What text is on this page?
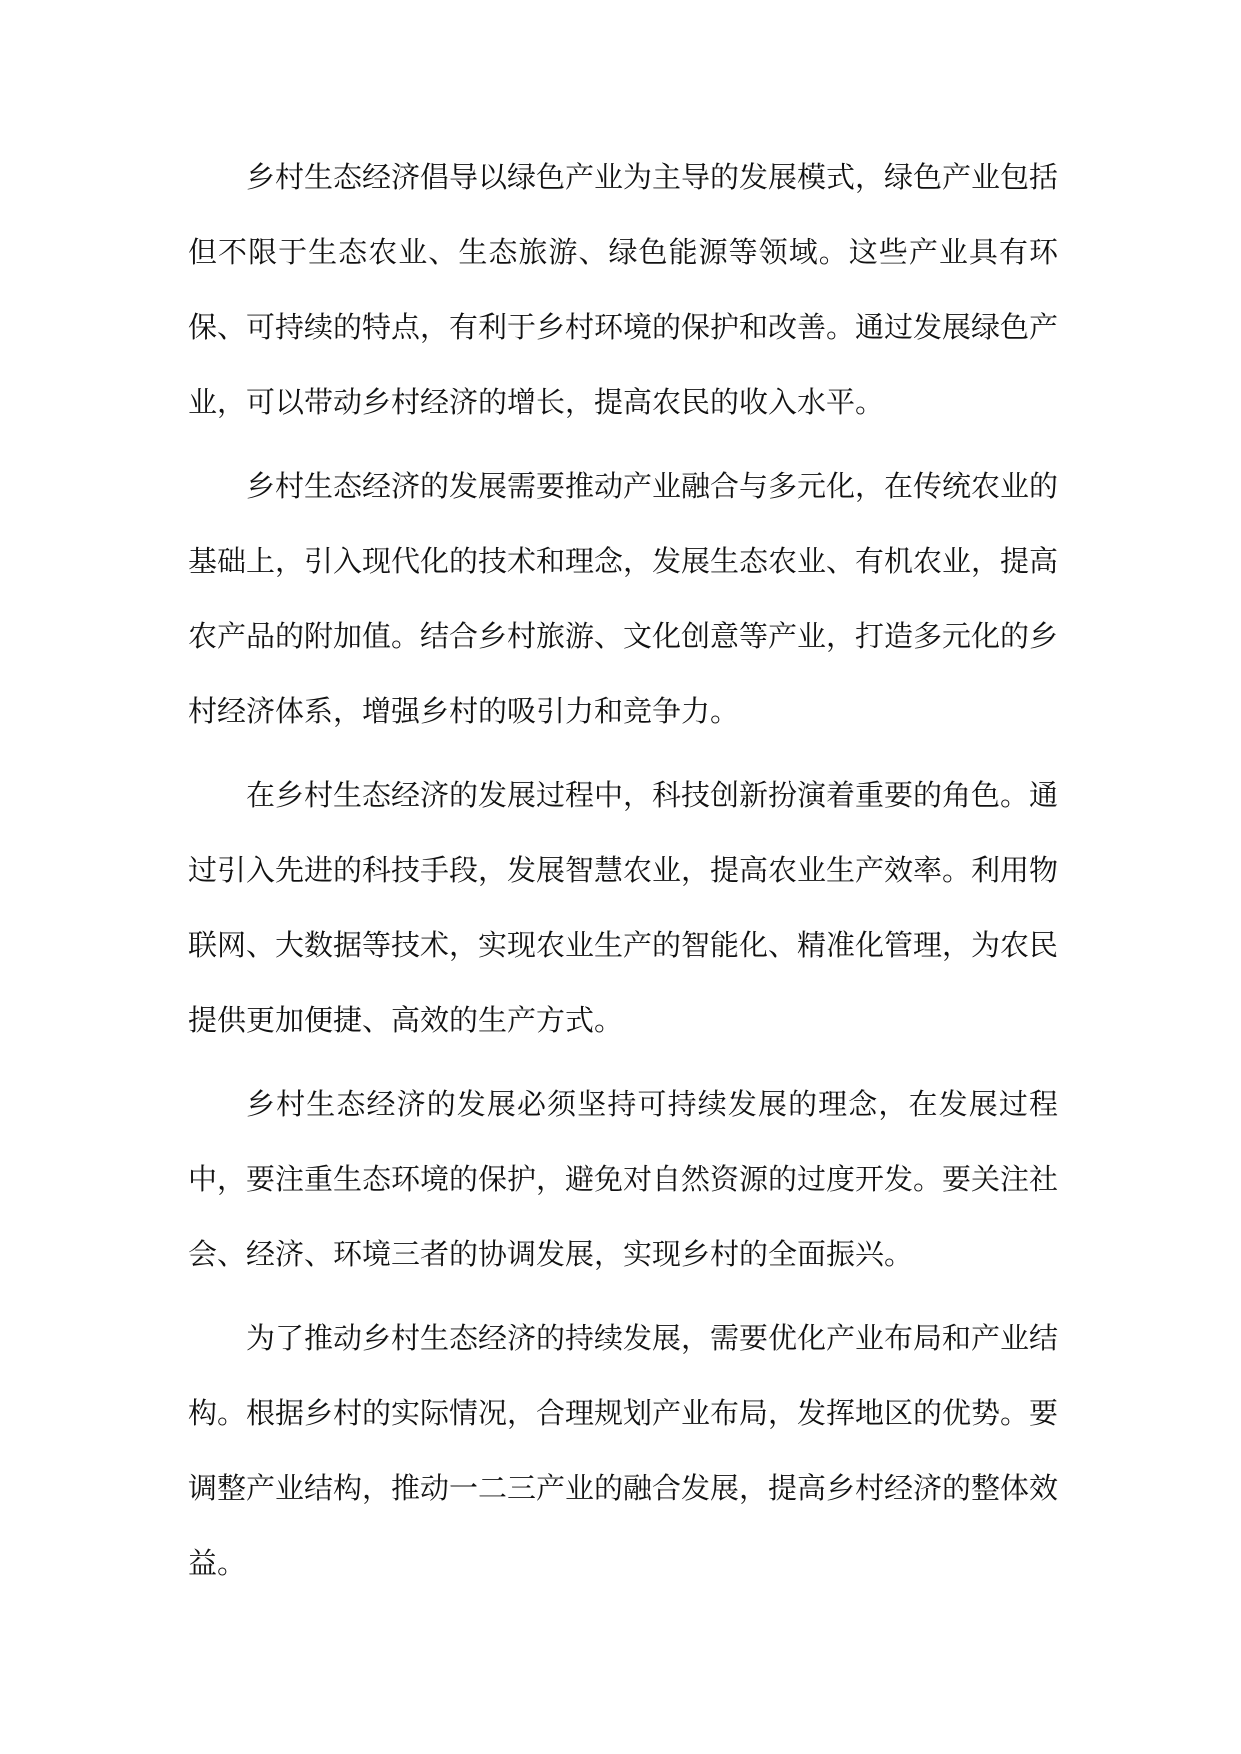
乡村生态经济倡导以绿色产业为主导的发展模式，绿色产业包括但不限于生态农业、生态旅游、绿色能源等领域。这些产业具有环保、可持续的特点，有利于乡村环境的保护和改善。通过发展绿色产业，可以带动乡村经济的增长，提高农民的收入水平。

乡村生态经济的发展需要推动产业融合与多元化，在传统农业的基础上，引入现代化的技术和理念，发展生态农业、有机农业，提高农产品的附加值。结合乡村旅游、文化创意等产业，打造多元化的乡村经济体系，增强乡村的吸引力和竞争力。

在乡村生态经济的发展过程中，科技创新扮演着重要的角色。通过引入先进的科技手段，发展智慧农业，提高农业生产效率。利用物联网、大数据等技术，实现农业生产的智能化、精准化管理，为农民提供更加便捷、高效的生产方式。

乡村生态经济的发展必须坚持可持续发展的理念，在发展过程中，要注重生态环境的保护，避免对自然资源的过度开发。要关注社会、经济、环境三者的协调发展，实现乡村的全面振兴。

为了推动乡村生态经济的持续发展，需要优化产业布局和产业结构。根据乡村的实际情况，合理规划产业布局，发挥地区的优势。要调整产业结构，推动一二三产业的融合发展，提高乡村经济的整体效益。
